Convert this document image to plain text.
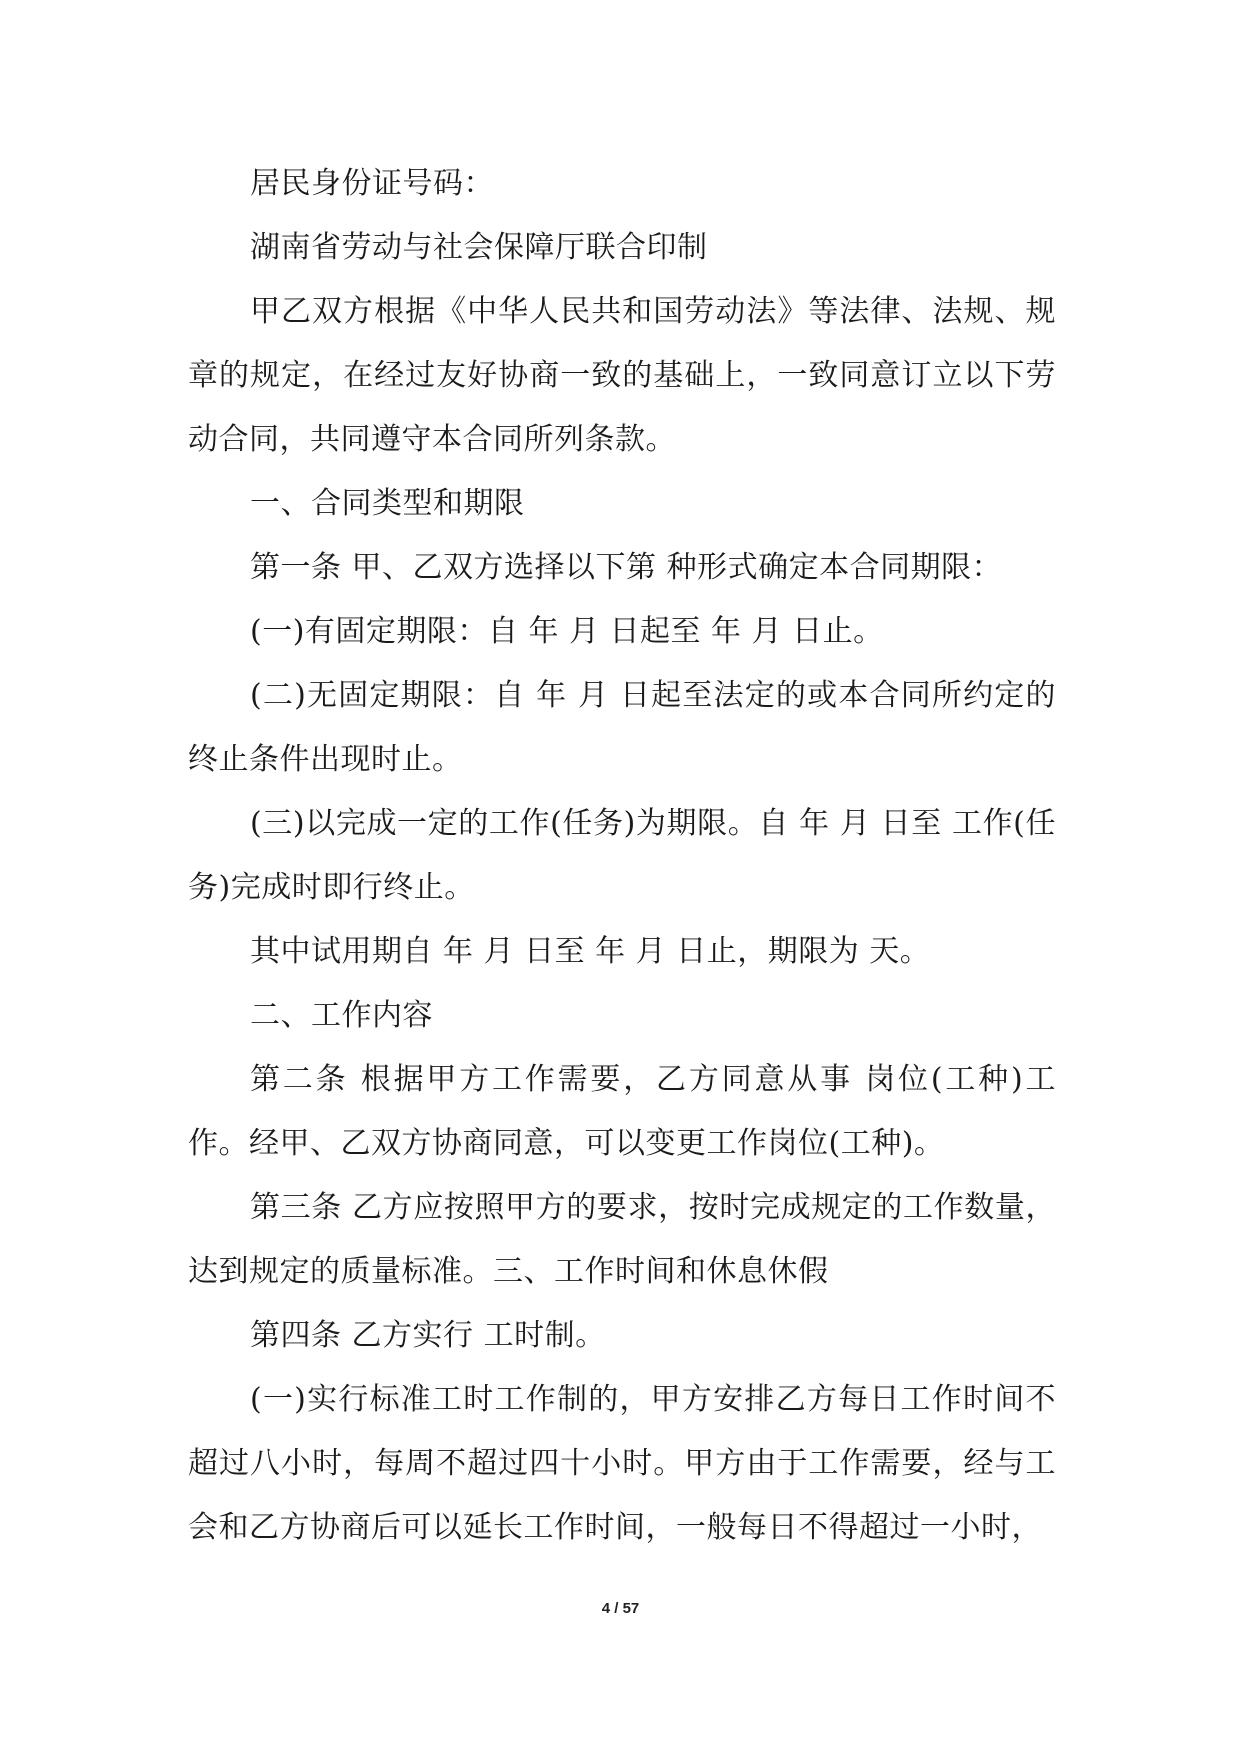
居民身份证号码：

湖南省劳动与社会保障厅联合印制

甲乙双方根据《中华人民共和国劳动法》等法律、法规、规章的规定，在经过友好协商一致的基础上，一致同意订立以下劳动合同，共同遵守本合同所列条款。

一、合同类型和期限

第一条 甲、乙双方选择以下第 种形式确定本合同期限：

(一)有固定期限：自 年 月 日起至 年 月 日止。

(二)无固定期限：自 年 月 日起至法定的或本合同所约定的终止条件出现时止。

(三)以完成一定的工作(任务)为期限。自 年 月 日至 工作(任务)完成时即行终止。

其中试用期自 年 月 日至 年 月 日止，期限为 天。

二、工作内容

第二条 根据甲方工作需要，乙方同意从事 岗位(工种)工作。经甲、乙双方协商同意，可以变更工作岗位(工种)。

第三条 乙方应按照甲方的要求，按时完成规定的工作数量，达到规定的质量标准。三、工作时间和休息休假

第四条 乙方实行 工时制。

(一)实行标准工时工作制的，甲方安排乙方每日工作时间不超过八小时，每周不超过四十小时。甲方由于工作需要，经与工会和乙方协商后可以延长工作时间，一般每日不得超过一小时，

4 / 57
